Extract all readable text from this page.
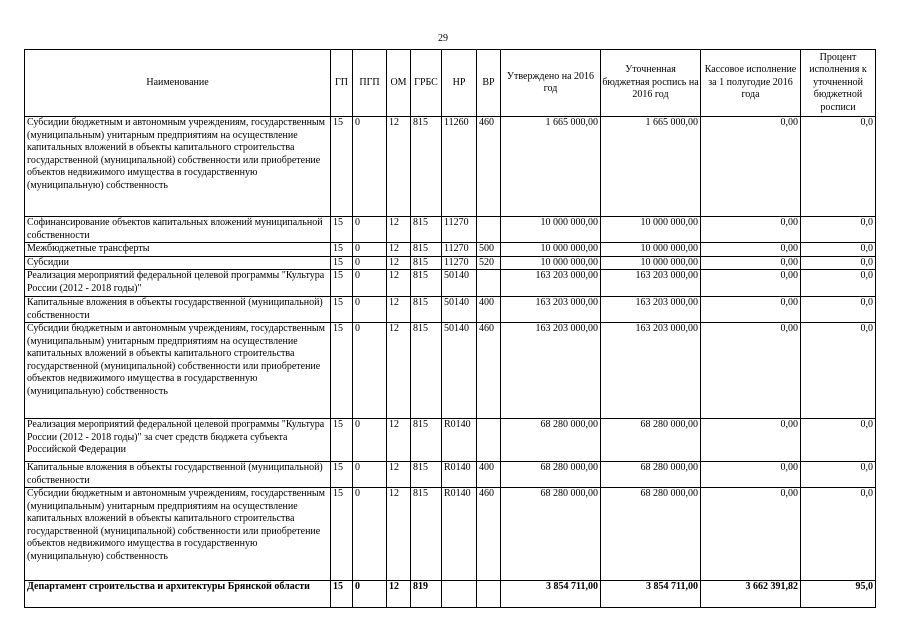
29
Наименование	ГП	ПГП	ОМ	ГРБС	НР	ВР	Утверждено на 2016 год	Уточненная бюджетная роспись на 2016 год	Кассовое исполнение за 1 полугодие 2016 года	Процент исполнения к уточненной бюджетной росписи
Субсидии бюджетным и автономным учреждениям, государственным (муниципальным) унитарным предприятиям на осуществление капитальных вложений в объекты капитального строительства государственной (муниципальной) собственности или приобретение объектов недвижимого имущества в государственную (муниципальную) собственность	15	0	12	815	11260	460	1 665 000,00	1 665 000,00	0,00	0,0
Софинансирование объектов капитальных вложений муниципальной собственности	15	0	12	815	11270		10 000 000,00	10 000 000,00	0,00	0,0
Межбюджетные трансферты	15	0	12	815	11270	500	10 000 000,00	10 000 000,00	0,00	0,0
Субсидии	15	0	12	815	11270	520	10 000 000,00	10 000 000,00	0,00	0,0
Реализация мероприятий федеральной целевой программы "Культура России (2012 - 2018 годы)"	15	0	12	815	50140		163 203 000,00	163 203 000,00	0,00	0,0
Капитальные вложения в объекты государственной (муниципальной) собственности	15	0	12	815	50140	400	163 203 000,00	163 203 000,00	0,00	0,0
Субсидии бюджетным и автономным учреждениям, государственным (муниципальным) унитарным предприятиям на осуществление капитальных вложений в объекты капитального строительства государственной (муниципальной) собственности или приобретение объектов недвижимого имущества в государственную (муниципальную) собственность	15	0	12	815	50140	460	163 203 000,00	163 203 000,00	0,00	0,0
Реализация мероприятий федеральной целевой программы "Культура России (2012 - 2018 годы)" за счет средств бюджета субъекта Российской Федерации	15	0	12	815	R0140		68 280 000,00	68 280 000,00	0,00	0,0
Капитальные вложения в объекты государственной (муниципальной) собственности	15	0	12	815	R0140	400	68 280 000,00	68 280 000,00	0,00	0,0
Субсидии бюджетным и автономным учреждениям, государственным (муниципальным) унитарным предприятиям на осуществление капитальных вложений в объекты капитального строительства государственной (муниципальной) собственности или приобретение объектов недвижимого имущества в государственную (муниципальную) собственность	15	0	12	815	R0140	460	68 280 000,00	68 280 000,00	0,00	0,0
Департамент строительства и архитектуры Брянской области	15	0	12	819			3 854 711,00	3 854 711,00	3 662 391,82	95,0
